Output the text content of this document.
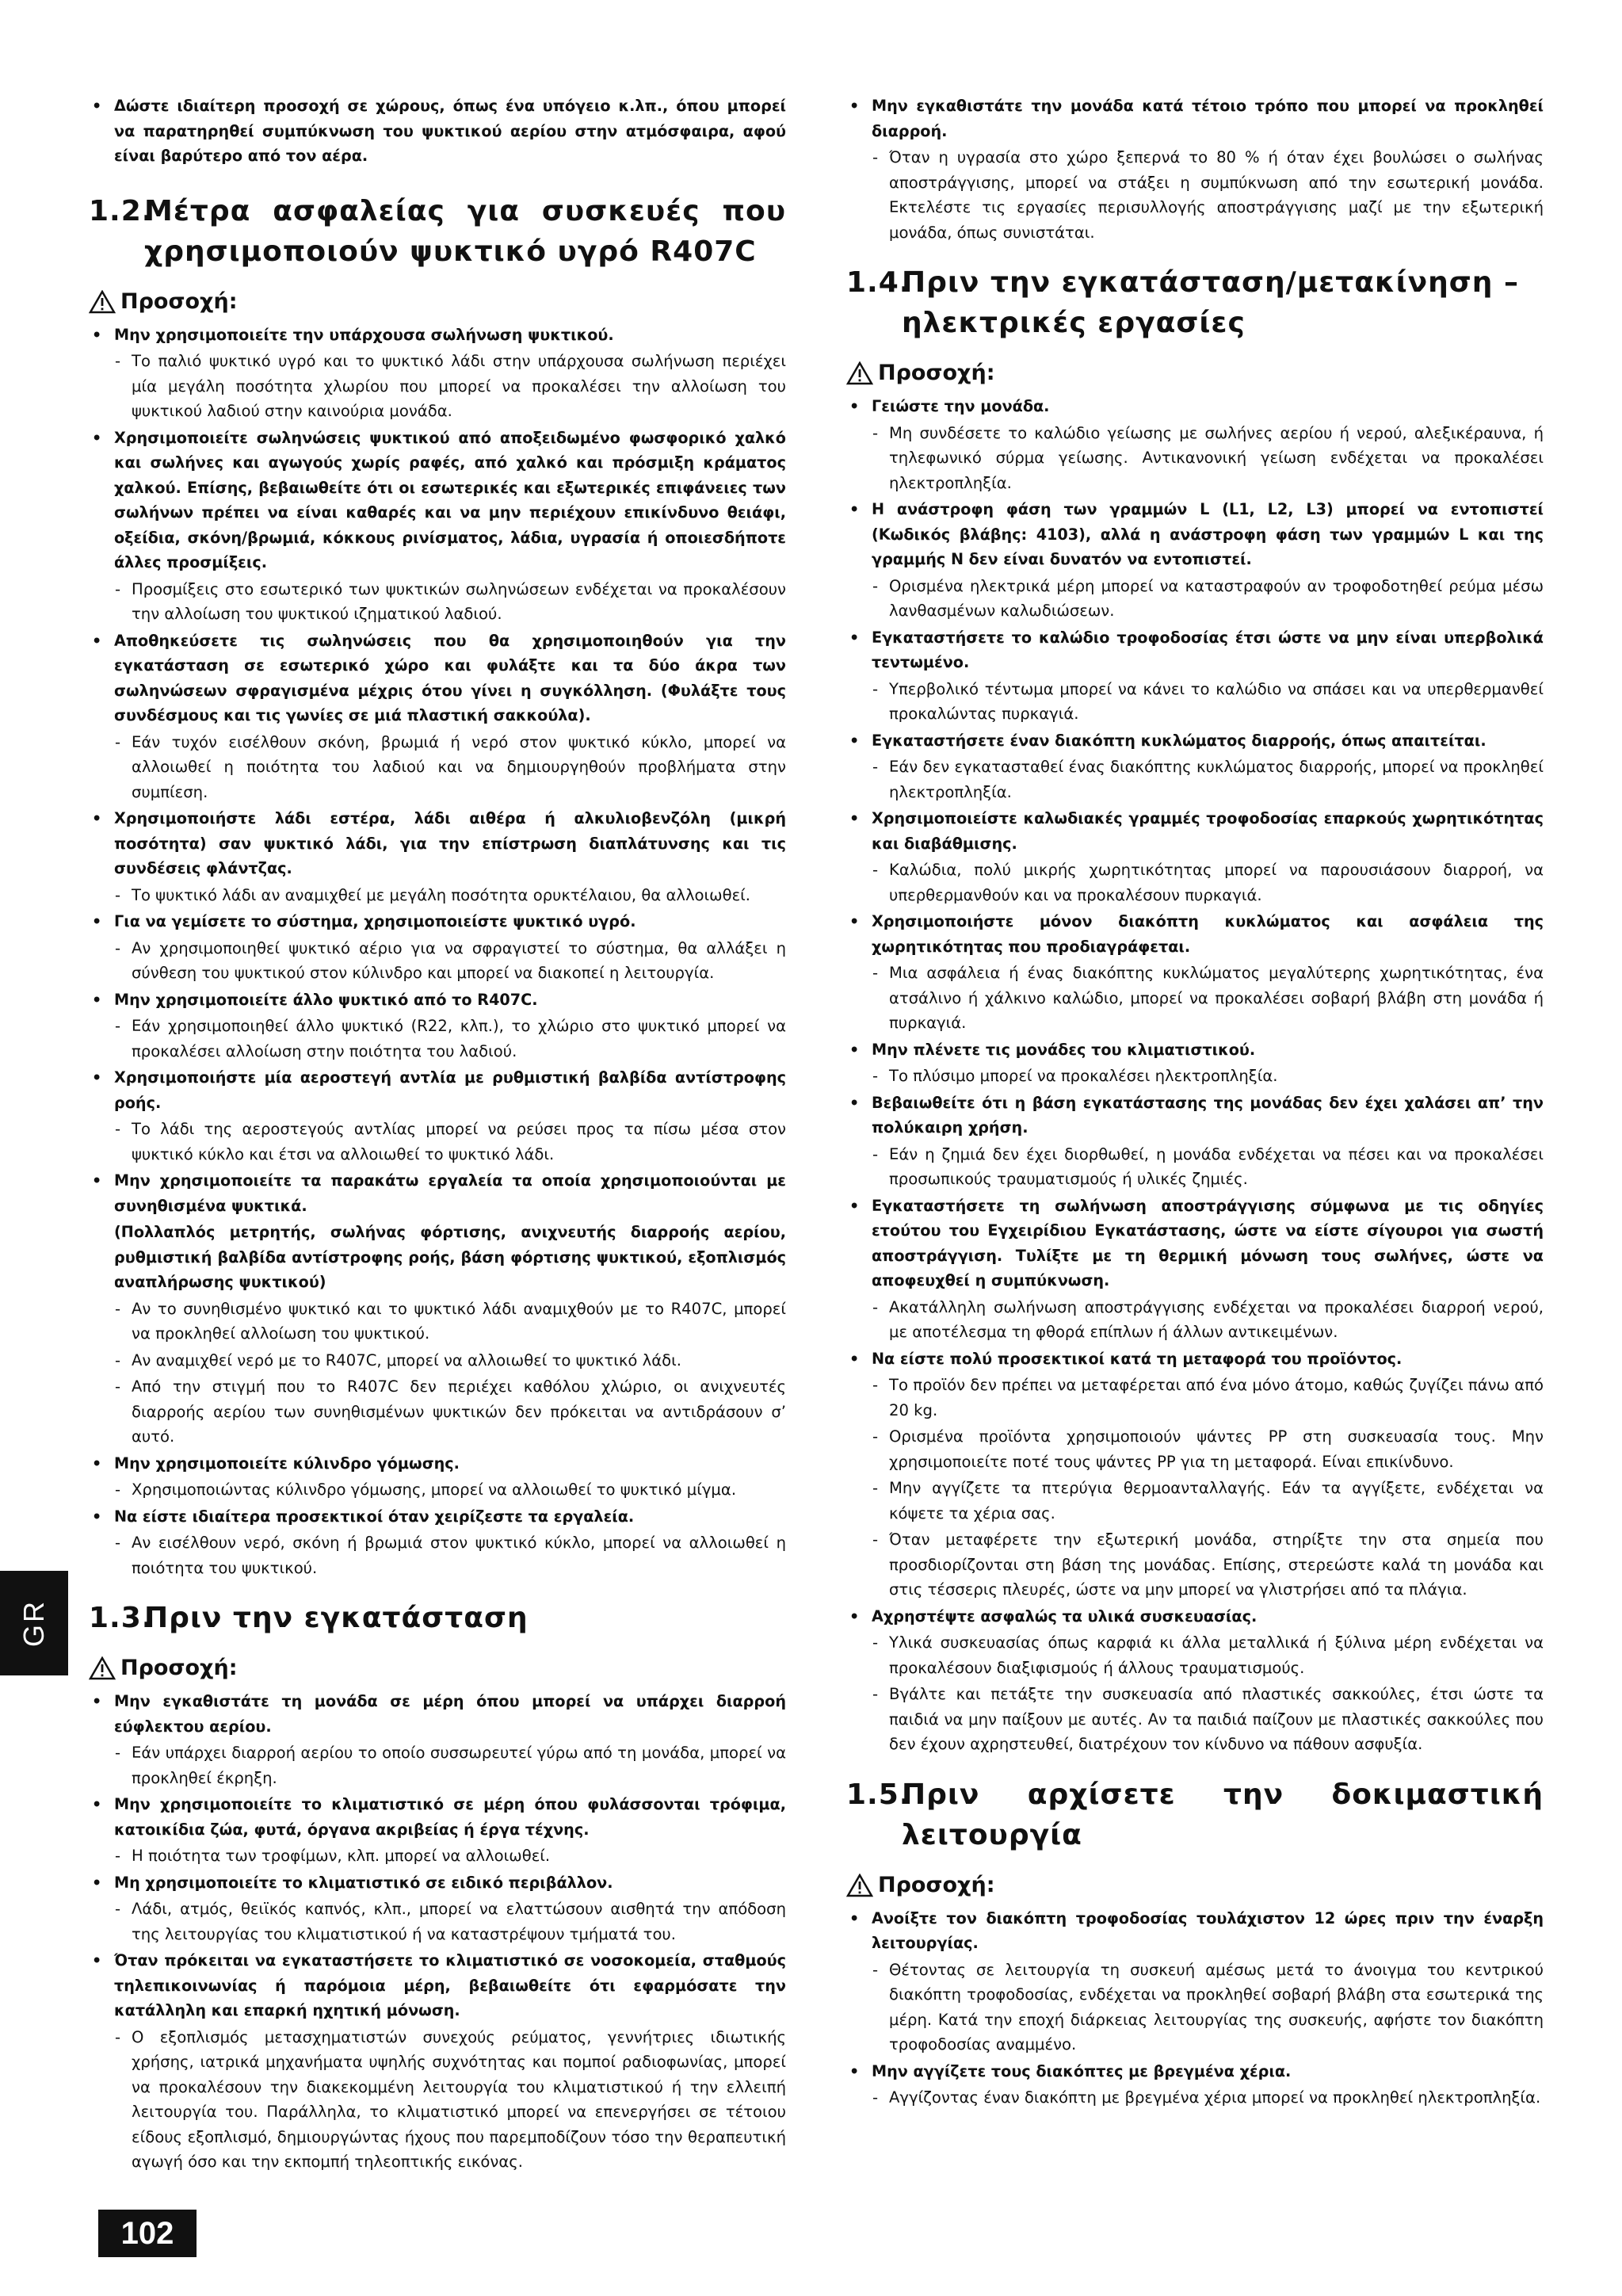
• Δώστε ιδιαίτερη προσοχή σε χώρους, όπως ένα υπόγειο κ.λπ., όπου μπορεί να παρατηρηθεί συμπύκνωση του ψυκτικού αερίου στην ατμόσφαιρα, αφού είναι βαρύτερο από τον αέρα.
1.2.Μέτρα ασφαλείας για συσκευές που
χρησιμοποιούν ψυκτικό υγρό R407C
Προσοχή:
• Μην χρησιμοποιείτε την υπάρχουσα σωλήνωση ψυκτικού.
- Το παλιό ψυκτικό υγρό και το ψυκτικό λάδι στην υπάρχουσα σωλήνωση περιέχει μία μεγάλη ποσότητα χλωρίου που μπορεί να προκαλέσει την αλλοίωση του ψυκτικού λαδιού στην καινούρια μονάδα.
• Χρησιμοποιείτε σωληνώσεις ψυκτικού από αποξειδωμένο φωσφορικό χαλκό και σωλήνες και αγωγούς χωρίς ραφές, από χαλκό και πρόσμιξη κράματος χαλκού. Επίσης, βεβαιωθείτε ότι οι εσωτερικές και εξωτερικές επιφάνειες των σωλήνων πρέπει να είναι καθαρές και να μην περιέχουν επικίνδυνο θειάφι, οξείδια, σκόνη/βρωμιά, κόκκους ρινίσματος, λάδια, υγρασία ή οποιεσδήποτε άλλες προσμίξεις.
- Προσμίξεις στο εσωτερικό των ψυκτικών σωληνώσεων ενδέχεται να προκαλέσουν την αλλοίωση του ψυκτικού ιζηματικού λαδιού.
• Αποθηκεύσετε τις σωληνώσεις που θα χρησιμοποιηθούν για την εγκατάσταση σε εσωτερικό χώρο και φυλάξτε και τα δύο άκρα των σωληνώσεων σφραγισμένα μέχρις ότου γίνει η συγκόλληση. (Φυλάξτε τους συνδέσμους και τις γωνίες σε μιά πλαστική σακκούλα).
- Εάν τυχόν εισέλθουν σκόνη, βρωμιά ή νερό στον ψυκτικό κύκλο, μπορεί να αλλοιωθεί η ποιότητα του λαδιού και να δημιουργηθούν προβλήματα στην συμπίεση.
• Χρησιμοποιήστε λάδι εστέρα, λάδι αιθέρα ή αλκυλιοβενζόλη (μικρή ποσότητα) σαν ψυκτικό λάδι, για την επίστρωση διαπλάτυνσης και τις συνδέσεις φλάντζας.
- Το ψυκτικό λάδι αν αναμιχθεί με μεγάλη ποσότητα ορυκτέλαιου, θα αλλοιωθεί.
• Για να γεμίσετε το σύστημα, χρησιμοποιείστε ψυκτικό υγρό.
- Αν χρησιμοποιηθεί ψυκτικό αέριο για να σφραγιστεί το σύστημα, θα αλλάξει η σύνθεση του ψυκτικού στον κύλινδρο και μπορεί να διακοπεί η λειτουργία.
• Μην χρησιμοποιείτε άλλο ψυκτικό από το R407C.
- Εάν χρησιμοποιηθεί άλλο ψυκτικό (R22, κλπ.), το χλώριο στο ψυκτικό μπορεί να προκαλέσει αλλοίωση στην ποιότητα του λαδιού.
• Χρησιμοποιήστε μία αεροστεγή αντλία με ρυθμιστική βαλβίδα αντίστροφης ροής.
- Το λάδι της αεροστεγούς αντλίας μπορεί να ρεύσει προς τα πίσω μέσα στον ψυκτικό κύκλο και έτσι να αλλοιωθεί το ψυκτικό λάδι.
• Μην χρησιμοποιείτε τα παρακάτω εργαλεία τα οποία χρησιμοποιούνται με συνηθισμένα ψυκτικά.
(Πολλαπλός μετρητής, σωλήνας φόρτισης, ανιχνευτής διαρροής αερίου, ρυθμιστική βαλβίδα αντίστροφης ροής, βάση φόρτισης ψυκτικού, εξοπλισμός αναπλήρωσης ψυκτικού)
- Αν το συνηθισμένο ψυκτικό και το ψυκτικό λάδι αναμιχθούν με το R407C, μπορεί να προκληθεί αλλοίωση του ψυκτικού.
- Αν αναμιχθεί νερό με το R407C, μπορεί να αλλοιωθεί το ψυκτικό λάδι.
- Από την στιγμή που το R407C δεν περιέχει καθόλου χλώριο, οι ανιχνευτές διαρροής αερίου των συνηθισμένων ψυκτικών δεν πρόκειται να αντιδράσουν σ’ αυτό.
• Μην χρησιμοποιείτε κύλινδρο γόμωσης.
- Χρησιμοποιώντας κύλινδρο γόμωσης, μπορεί να αλλοιωθεί το ψυκτικό μίγμα.
• Να είστε ιδιαίτερα προσεκτικοί όταν χειρίζεστε τα εργαλεία.
- Αν εισέλθουν νερό, σκόνη ή βρωμιά στον ψυκτικό κύκλο, μπορεί να αλλοιωθεί η ποιότητα του ψυκτικού.
1.3.Πριν την εγκατάσταση
Προσοχή:
• Μην εγκαθιστάτε τη μονάδα σε μέρη όπου μπορεί να υπάρχει διαρροή εύφλεκτου αερίου.
- Εάν υπάρχει διαρροή αερίου το οποίο συσσωρευτεί γύρω από τη μονάδα, μπορεί να προκληθεί έκρηξη.
• Μην χρησιμοποιείτε το κλιματιστικό σε μέρη όπου φυλάσσονται τρόφιμα, κατοικίδια ζώα, φυτά, όργανα ακριβείας ή έργα τέχνης.
- Η ποιότητα των τροφίμων, κλπ. μπορεί να αλλοιωθεί.
• Μη χρησιμοποιείτε το κλιματιστικό σε ειδικό περιβάλλον.
- Λάδι, ατμός, θειϊκός καπνός, κλπ., μπορεί να ελαττώσουν αισθητά την απόδοση της λειτουργίας του κλιματιστικού ή να καταστρέψουν τμήματά του.
• Όταν πρόκειται να εγκαταστήσετε το κλιματιστικό σε νοσοκομεία, σταθμούς τηλεπικοινωνίας ή παρόμοια μέρη, βεβαιωθείτε ότι εφαρμόσατε την κατάλληλη και επαρκή ηχητική μόνωση.
- Ο εξοπλισμός μετασχηματιστών συνεχούς ρεύματος, γεννήτριες ιδιωτικής χρήσης, ιατρικά μηχανήματα υψηλής συχνότητας και πομποί ραδιοφωνίας, μπορεί να προκαλέσουν την διακεκομμένη λειτουργία του κλιματιστικού ή την ελλειπή λειτουργία του. Παράλληλα, το κλιματιστικό μπορεί να επενεργήσει σε τέτοιου είδους εξοπλισμό, δημιουργώντας ήχους που παρεμποδίζουν τόσο την θεραπευτική αγωγή όσο και την εκπομπή τηλεοπτικής εικόνας.
• Μην εγκαθιστάτε την μονάδα κατά τέτοιο τρόπο που μπορεί να προκληθεί διαρροή.
- Όταν η υγρασία στο χώρο ξεπερνά το 80 % ή όταν έχει βουλώσει ο σωλήνας αποστράγγισης, μπορεί να στάξει η συμπύκνωση από την εσωτερική μονάδα. Εκτελέστε τις εργασίες περισυλλογής αποστράγγισης μαζί με την εξωτερική μονάδα, όπως συνιστάται.
1.4.Πριν την εγκατάσταση/μετακίνηση –
ηλεκτρικές εργασίες
Προσοχή:
• Γειώστε την μονάδα.
- Μη συνδέσετε το καλώδιο γείωσης με σωλήνες αερίου ή νερού, αλεξικέραυνα, ή τηλεφωνικό σύρμα γείωσης. Αντικανονική γείωση ενδέχεται να προκαλέσει ηλεκτροπληξία.
• Η ανάστροφη φάση των γραμμών L (L1, L2, L3) μπορεί να εντοπιστεί (Κωδικός βλάβης: 4103), αλλά η ανάστροφη φάση των γραμμών L και της γραμμής N δεν είναι δυνατόν να εντοπιστεί.
- Ορισμένα ηλεκτρικά μέρη μπορεί να καταστραφούν αν τροφοδοτηθεί ρεύμα μέσω λανθασμένων καλωδιώσεων.
• Εγκαταστήσετε το καλώδιο τροφοδοσίας έτσι ώστε να μην είναι υπερβολικά τεντωμένο.
- Υπερβολικό τέντωμα μπορεί να κάνει το καλώδιο να σπάσει και να υπερθερμανθεί προκαλώντας πυρκαγιά.
• Εγκαταστήσετε έναν διακόπτη κυκλώματος διαρροής, όπως απαιτείται.
- Εάν δεν εγκατασταθεί ένας διακόπτης κυκλώματος διαρροής, μπορεί να προκληθεί ηλεκτροπληξία.
• Χρησιμοποιείστε καλωδιακές γραμμές τροφοδοσίας επαρκούς χωρητικότητας και διαβάθμισης.
- Καλώδια, πολύ μικρής χωρητικότητας μπορεί να παρουσιάσουν διαρροή, να υπερθερμανθούν και να προκαλέσουν πυρκαγιά.
• Χρησιμοποιήστε μόνον διακόπτη κυκλώματος και ασφάλεια της χωρητικότητας που προδιαγράφεται.
- Μια ασφάλεια ή ένας διακόπτης κυκλώματος μεγαλύτερης χωρητικότητας, ένα ατσάλινο ή χάλκινο καλώδιο, μπορεί να προκαλέσει σοβαρή βλάβη στη μονάδα ή πυρκαγιά.
• Μην πλένετε τις μονάδες του κλιματιστικού.
- Το πλύσιμο μπορεί να προκαλέσει ηλεκτροπληξία.
• Βεβαιωθείτε ότι η βάση εγκατάστασης της μονάδας δεν έχει χαλάσει απ’ την πολύκαιρη χρήση.
- Εάν η ζημιά δεν έχει διορθωθεί, η μονάδα ενδέχεται να πέσει και να προκαλέσει προσωπικούς τραυματισμούς ή υλικές ζημιές.
• Εγκαταστήσετε τη σωλήνωση αποστράγγισης σύμφωνα με τις οδηγίες ετούτου του Εγχειρίδιου Εγκατάστασης, ώστε να είστε σίγουροι για σωστή αποστράγγιση. Τυλίξτε με τη θερμική μόνωση τους σωλήνες, ώστε να αποφευχθεί η συμπύκνωση.
- Ακατάλληλη σωλήνωση αποστράγγισης ενδέχεται να προκαλέσει διαρροή νερού, με αποτέλεσμα τη φθορά επίπλων ή άλλων αντικειμένων.
• Να είστε πολύ προσεκτικοί κατά τη μεταφορά του προϊόντος.
- Το προϊόν δεν πρέπει να μεταφέρεται από ένα μόνο άτομο, καθώς ζυγίζει πάνω από 20 kg.
- Ορισμένα προϊόντα χρησιμοποιούν ψάντες PP στη συσκευασία τους. Μην χρησιμοποιείτε ποτέ τους ψάντες PP για τη μεταφορά. Είναι επικίνδυνο.
- Μην αγγίζετε τα πτερύγια θερμοανταλλαγής. Εάν τα αγγίξετε, ενδέχεται να κόψετε τα χέρια σας.
- Όταν μεταφέρετε την εξωτερική μονάδα, στηρίξτε την στα σημεία που προσδιορίζονται στη βάση της μονάδας. Επίσης, στερεώστε καλά τη μονάδα και στις τέσσερις πλευρές, ώστε να μην μπορεί να γλιστρήσει από τα πλάγια.
• Αχρηστέψτε ασφαλώς τα υλικά συσκευασίας.
- Υλικά συσκευασίας όπως καρφιά κι άλλα μεταλλικά ή ξύλινα μέρη ενδέχεται να προκαλέσουν διαξιφισμούς ή άλλους τραυματισμούς.
- Βγάλτε και πετάξτε την συσκευασία από πλαστικές σακκούλες, έτσι ώστε τα παιδιά να μην παίξουν με αυτές. Αν τα παιδιά παίζουν με πλαστικές σακκούλες που δεν έχουν αχρηστευθεί, διατρέχουν τον κίνδυνο να πάθουν ασφυξία.
1.5.Πριν αρχίσετε την δοκιμαστική
λειτουργία
Προσοχή:
• Ανοίξτε τον διακόπτη τροφοδοσίας τουλάχιστον 12 ώρες πριν την έναρξη λειτουργίας.
- Θέτοντας σε λειτουργία τη συσκευή αμέσως μετά το άνοιγμα του κεντρικού διακόπτη τροφοδοσίας, ενδέχεται να προκληθεί σοβαρή βλάβη στα εσωτερικά της μέρη. Κατά την εποχή διάρκειας λειτουργίας της συσκευής, αφήστε τον διακόπτη τροφοδοσίας αναμμένο.
• Μην αγγίζετε τους διακόπτες με βρεγμένα χέρια.
- Αγγίζοντας έναν διακόπτη με βρεγμένα χέρια μπορεί να προκληθεί ηλεκτροπληξία.
GR
102
